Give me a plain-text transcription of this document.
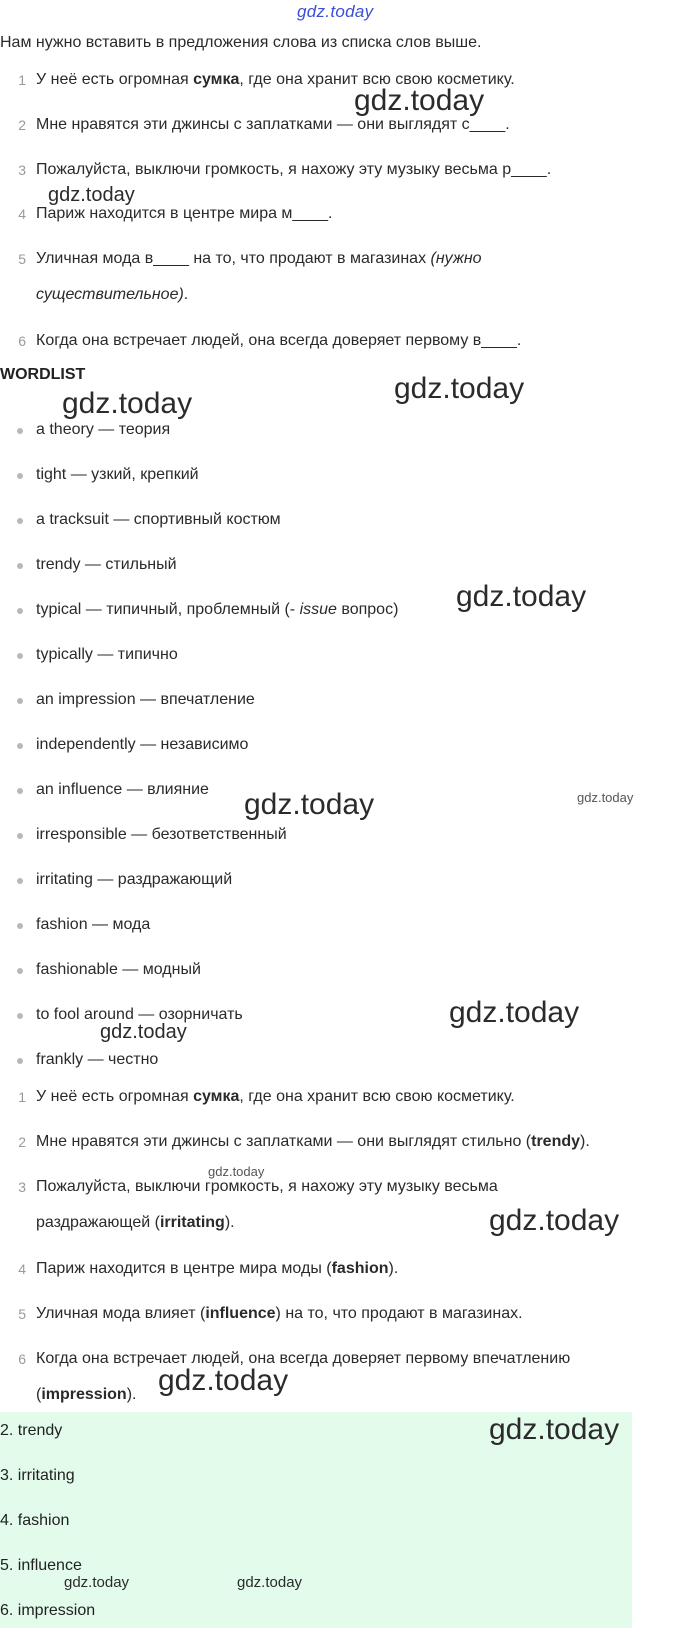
gdz.today
Нам нужно вставить в предложения слова из списка слов выше.
1 У неё есть огромная сумка, где она хранит всю свою косметику.
2 Мне нравятся эти джинсы с заплатками — они выглядят с____.
3 Пожалуйста, выключи громкость, я нахожу эту музыку весьма р____.
4 Париж находится в центре мира м____.
5 Уличная мода в____ на то, что продают в магазинах (нужно
существительное).
6 Когда она встречает людей, она всегда доверяет первому в____.
WORDLIST
a theory — теория
tight — узкий, крепкий
a tracksuit — спортивный костюм
trendy — стильный
typical — типичный, проблемный (- issue вопрос)
typically — типично
an impression — впечатление
independently — независимо
an influence — влияние
irresponsible — безответственный
irritating — раздражающий
fashion — мода
fashionable — модный
to fool around — озорничать
frankly — честно
1 У неё есть огромная сумка, где она хранит всю свою косметику.
2 Мне нравятся эти джинсы с заплатками — они выглядят стильно (trendy).
3 Пожалуйста, выключи громкость, я нахожу эту музыку весьма
раздражающей (irritating).
4 Париж находится в центре мира моды (fashion).
5 Уличная мода влияет (influence) на то, что продают в магазинах.
6 Когда она встречает людей, она всегда доверяет первому впечатлению
(impression).
2. trendy
3. irritating
4. fashion
5. influence
6. impression
gdz.today
gdz.today
gdz.today
gdz.today
gdz.today
gdz.today	gdz.today
gdz.today
gdz.today
gdz.today
gdz.today
gdz.today
gdz.today
gdz.today	gdz.today
